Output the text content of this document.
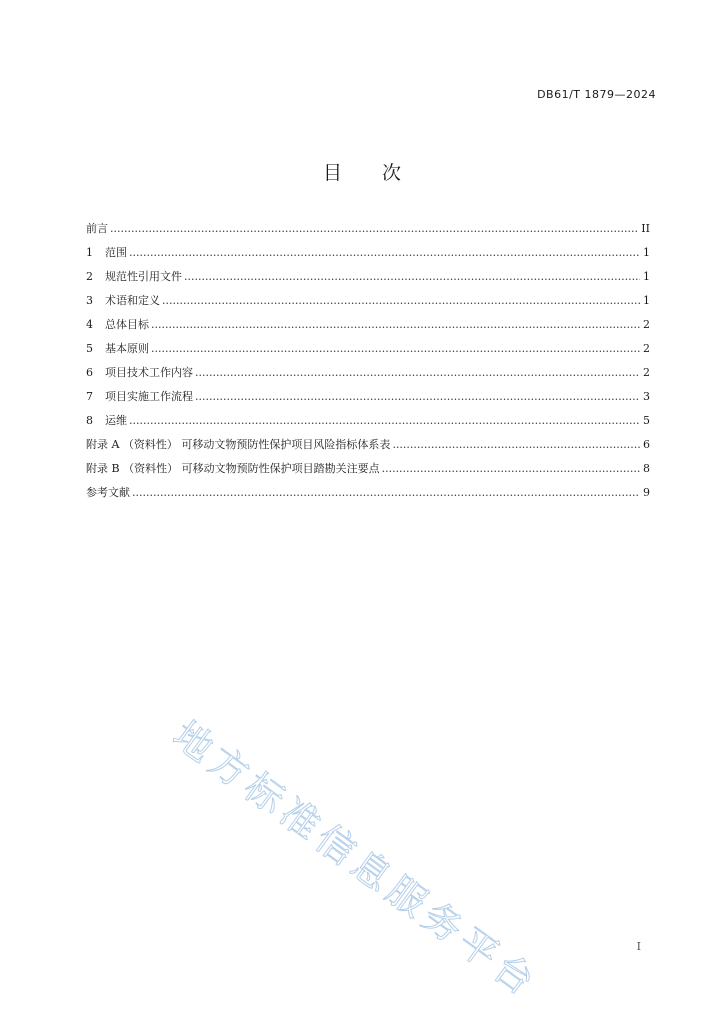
DB61/T 1879—2024
目 次
前言 .....	II
1	范围 .....	1
2	规范性引用文件 .....	1
3	术语和定义 .....	1
4	总体目标 .....	2
5	基本原则 .....	2
6	项目技术工作内容 .....	2
7	项目实施工作流程 .....	3
8	运维 .....	5
附录 A （资料性） 可移动文物预防性保护项目风险指标体系表 .....	6
附录 B （资料性） 可移动文物预防性保护项目踏勘关注要点 .....	8
参考文献 .....	9
地方标准信息服务平台	I
